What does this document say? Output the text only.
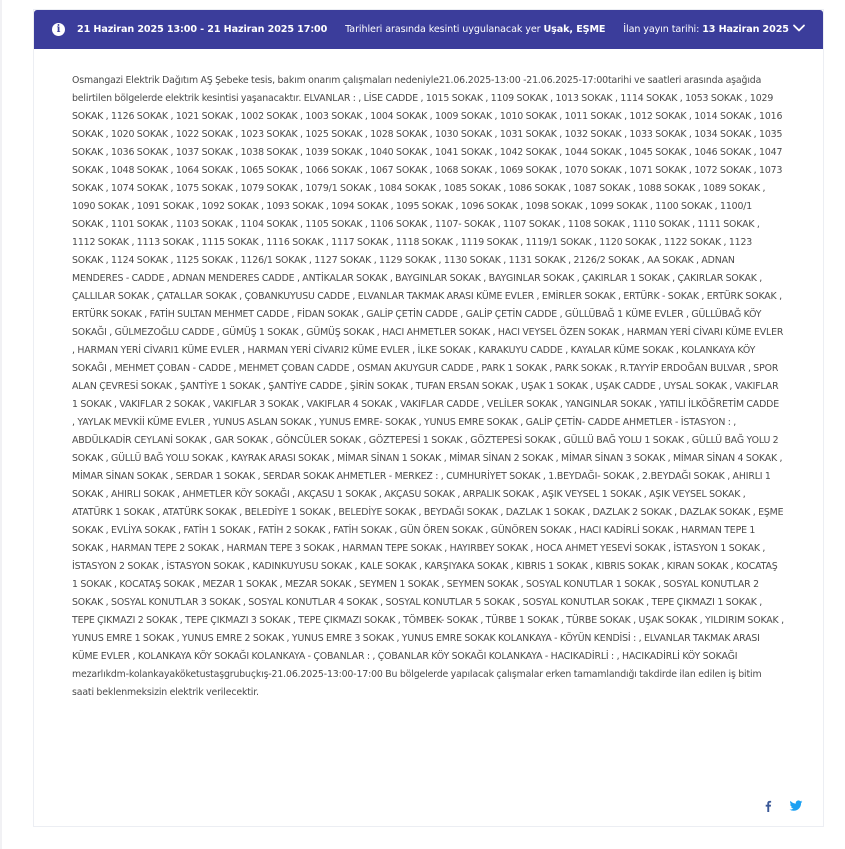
i	21 Haziran 2025 13:00 - 21 Haziran 2025 17:00 Tarihleri arasında kesinti uygulanacak yer Uşak, EŞME İlan yayın tarihi: 13 Haziran 2025
Osmangazi Elektrik Dağıtım AŞ Şebeke tesis, bakım onarım çalışmaları nedeniyle21.06.2025-13:00 -21.06.2025-17:00tarihi ve saatleri arasında aşağıda belirtilen bölgelerde elektrik kesintisi yaşanacaktır. ELVANLAR : , LİSE CADDE , 1015 SOKAK , 1109 SOKAK , 1013 SOKAK , 1114 SOKAK , 1053 SOKAK , 1029 SOKAK , 1126 SOKAK , 1021 SOKAK , 1002 SOKAK , 1003 SOKAK , 1004 SOKAK , 1009 SOKAK , 1010 SOKAK , 1011 SOKAK , 1012 SOKAK , 1014 SOKAK , 1016 SOKAK , 1020 SOKAK , 1022 SOKAK , 1023 SOKAK , 1025 SOKAK , 1028 SOKAK , 1030 SOKAK , 1031 SOKAK , 1032 SOKAK , 1033 SOKAK , 1034 SOKAK , 1035 SOKAK , 1036 SOKAK , 1037 SOKAK , 1038 SOKAK , 1039 SOKAK , 1040 SOKAK , 1041 SOKAK , 1042 SOKAK , 1044 SOKAK , 1045 SOKAK , 1046 SOKAK , 1047 SOKAK , 1048 SOKAK , 1064 SOKAK , 1065 SOKAK , 1066 SOKAK , 1067 SOKAK , 1068 SOKAK , 1069 SOKAK , 1070 SOKAK , 1071 SOKAK , 1072 SOKAK , 1073 SOKAK , 1074 SOKAK , 1075 SOKAK , 1079 SOKAK , 1079/1 SOKAK , 1084 SOKAK , 1085 SOKAK , 1086 SOKAK , 1087 SOKAK , 1088 SOKAK , 1089 SOKAK , 1090 SOKAK , 1091 SOKAK , 1092 SOKAK , 1093 SOKAK , 1094 SOKAK , 1095 SOKAK , 1096 SOKAK , 1098 SOKAK , 1099 SOKAK , 1100 SOKAK , 1100/1 SOKAK , 1101 SOKAK , 1103 SOKAK , 1104 SOKAK , 1105 SOKAK , 1106 SOKAK , 1107- SOKAK , 1107 SOKAK , 1108 SOKAK , 1110 SOKAK , 1111 SOKAK , 1112 SOKAK , 1113 SOKAK , 1115 SOKAK , 1116 SOKAK , 1117 SOKAK , 1118 SOKAK , 1119 SOKAK , 1119/1 SOKAK , 1120 SOKAK , 1122 SOKAK , 1123 SOKAK , 1124 SOKAK , 1125 SOKAK , 1126/1 SOKAK , 1127 SOKAK , 1129 SOKAK , 1130 SOKAK , 1131 SOKAK , 2126/2 SOKAK , AA SOKAK , ADNAN MENDERES - CADDE , ADNAN MENDERES CADDE , ANTİKALAR SOKAK , BAYGINLAR SOKAK , BAYGINLAR SOKAK , ÇAKIRLAR 1 SOKAK , ÇAKIRLAR SOKAK , ÇALLILAR SOKAK , ÇATALLAR SOKAK , ÇOBANKUYUSU CADDE , ELVANLAR TAKMAK ARASI KÜME EVLER , EMİRLER SOKAK , ERTÜRK - SOKAK , ERTÜRK SOKAK , ERTÜRK SOKAK , FATİH SULTAN MEHMET CADDE , FİDAN SOKAK , GALİP ÇETİN CADDE , GALİP ÇETİN CADDE , GÜLLÜBAĞ 1 KÜME EVLER , GÜLLÜBAĞ KÖY SOKAĞI , GÜLMEZOĞLU CADDE , GÜMÜŞ 1 SOKAK , GÜMÜŞ SOKAK , HACI AHMETLER SOKAK , HACI VEYSEL ÖZEN SOKAK , HARMAN YERİ CİVARI KÜME EVLER , HARMAN YERİ CİVARI1 KÜME EVLER , HARMAN YERİ CİVARI2 KÜME EVLER , İLKE SOKAK , KARAKUYU CADDE , KAYALAR KÜME SOKAK , KOLANKAYA KÖY SOKAĞI , MEHMET ÇOBAN - CADDE , MEHMET ÇOBAN CADDE , OSMAN AKUYGUR CADDE , PARK 1 SOKAK , PARK SOKAK , R.TAYYİP ERDOĞAN BULVAR , SPOR ALAN ÇEVRESİ SOKAK , ŞANTİYE 1 SOKAK , ŞANTİYE CADDE , ŞİRİN SOKAK , TUFAN ERSAN SOKAK , UŞAK 1 SOKAK , UŞAK CADDE , UYSAL SOKAK , VAKIFLAR 1 SOKAK , VAKIFLAR 2 SOKAK , VAKIFLAR 3 SOKAK , VAKIFLAR 4 SOKAK , VAKIFLAR CADDE , VELİLER SOKAK , YANGINLAR SOKAK , YATILI İLKÖĞRETİM CADDE , YAYLAK MEVKİİ KÜME EVLER , YUNUS ASLAN SOKAK , YUNUS EMRE- SOKAK , YUNUS EMRE SOKAK , GALİP ÇETİN- CADDE AHMETLER - İSTASYON : , ABDÜLKADİR CEYLANİ SOKAK , GAR SOKAK , GÖNCÜLER SOKAK , GÖZTEPESİ 1 SOKAK , GÖZTEPESİ SOKAK , GÜLLÜ BAĞ YOLU 1 SOKAK , GÜLLÜ BAĞ YOLU 2 SOKAK , GÜLLÜ BAĞ YOLU SOKAK , KAYRAK ARASI SOKAK , MİMAR SİNAN 1 SOKAK , MİMAR SİNAN 2 SOKAK , MİMAR SİNAN 3 SOKAK , MİMAR SİNAN 4 SOKAK , MİMAR SİNAN SOKAK , SERDAR 1 SOKAK , SERDAR SOKAK AHMETLER - MERKEZ : , CUMHURİYET SOKAK , 1.BEYDAĞI- SOKAK , 2.BEYDAĞI SOKAK , AHIRLI 1 SOKAK , AHIRLI SOKAK , AHMETLER KÖY SOKAĞI , AKÇASU 1 SOKAK , AKÇASU SOKAK , ARPALIK SOKAK , AŞIK VEYSEL 1 SOKAK , AŞIK VEYSEL SOKAK , ATATÜRK 1 SOKAK , ATATÜRK SOKAK , BELEDİYE 1 SOKAK , BELEDİYE SOKAK , BEYDAĞI SOKAK , DAZLAK 1 SOKAK , DAZLAK 2 SOKAK , DAZLAK SOKAK , EŞME SOKAK , EVLİYA SOKAK , FATİH 1 SOKAK , FATİH 2 SOKAK , FATİH SOKAK , GÜN ÖREN SOKAK , GÜNÖREN SOKAK , HACI KADİRLİ SOKAK , HARMAN TEPE 1 SOKAK , HARMAN TEPE 2 SOKAK , HARMAN TEPE 3 SOKAK , HARMAN TEPE SOKAK , HAYIRBEY SOKAK , HOCA AHMET YESEVİ SOKAK , İSTASYON 1 SOKAK , İSTASYON 2 SOKAK , İSTASYON SOKAK , KADINKUYUSU SOKAK , KALE SOKAK , KARŞIYAKA SOKAK , KIBRIS 1 SOKAK , KIBRIS SOKAK , KIRAN SOKAK , KOCATAŞ 1 SOKAK , KOCATAŞ SOKAK , MEZAR 1 SOKAK , MEZAR SOKAK , SEYMEN 1 SOKAK , SEYMEN SOKAK , SOSYAL KONUTLAR 1 SOKAK , SOSYAL KONUTLAR 2 SOKAK , SOSYAL KONUTLAR 3 SOKAK , SOSYAL KONUTLAR 4 SOKAK , SOSYAL KONUTLAR 5 SOKAK , SOSYAL KONUTLAR SOKAK , TEPE ÇIKMAZI 1 SOKAK , TEPE ÇIKMAZI 2 SOKAK , TEPE ÇIKMAZI 3 SOKAK , TEPE ÇIKMAZI SOKAK , TÖMBEK- SOKAK , TÜRBE 1 SOKAK , TÜRBE SOKAK , UŞAK SOKAK , YILDIRIM SOKAK , YUNUS EMRE 1 SOKAK , YUNUS EMRE 2 SOKAK , YUNUS EMRE 3 SOKAK , YUNUS EMRE SOKAK KOLANKAYA - KÖYÜN KENDİSİ : , ELVANLAR TAKMAK ARASI KÜME EVLER , KOLANKAYA KÖY SOKAĞI KOLANKAYA - ÇOBANLAR : , ÇOBANLAR KÖY SOKAĞI KOLANKAYA - HACIKADİRLİ : , HACIKADİRLİ KÖY SOKAĞI mezarlıkdm-kolankayaköketustaşgrubuçkış-21.06.2025-13:00-17:00 Bu bölgelerde yapılacak çalışmalar erken tamamlandığı takdirde ilan edilen iş bitim saati beklenmeksizin elektrik verilecektir.
